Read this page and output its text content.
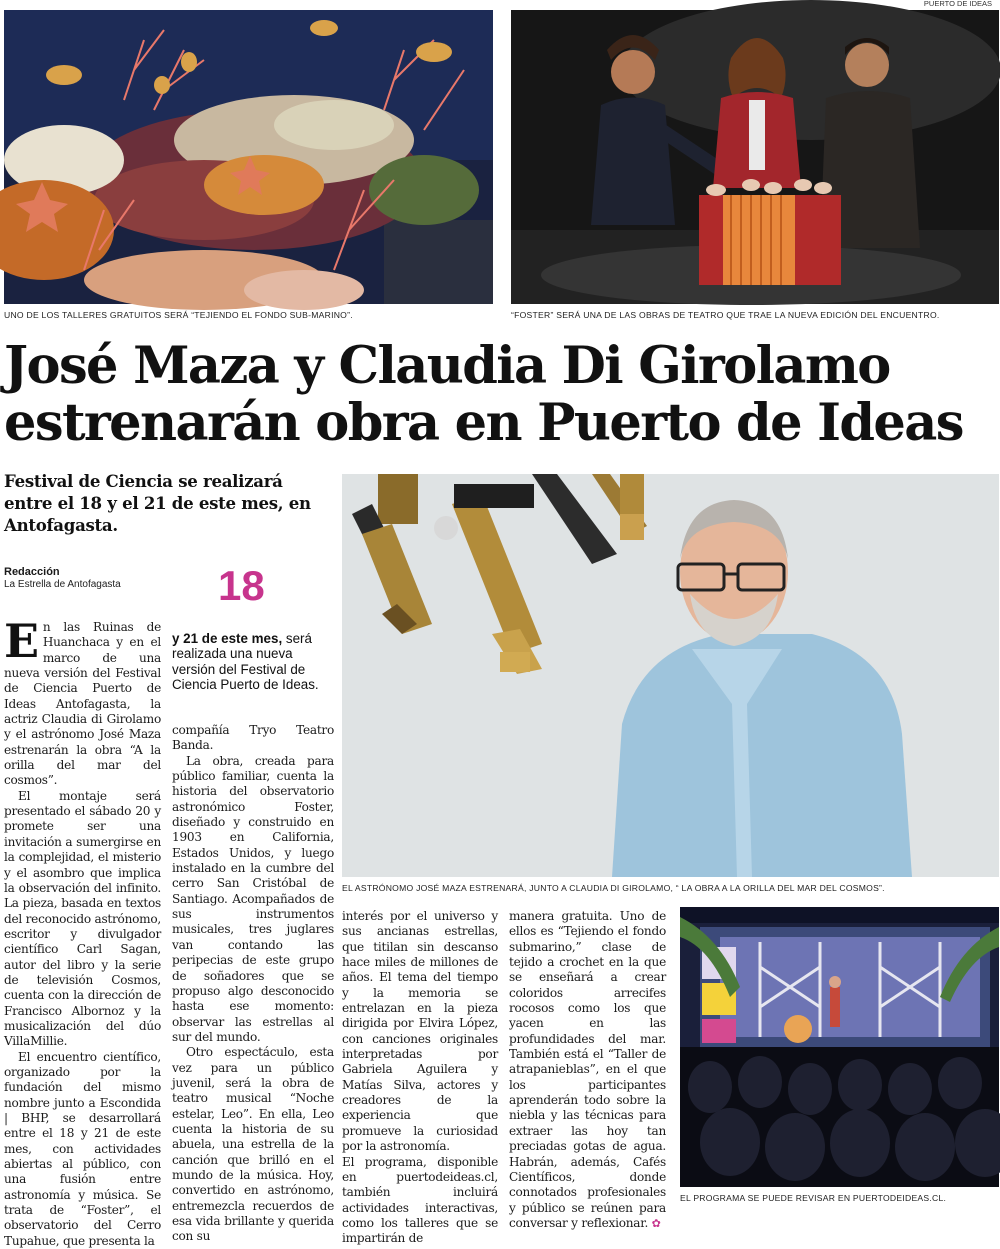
PUERTO DE IDEAS
UNO DE LOS TALLERES GRATUITOS SERÁ “TEJIENDO EL FONDO SUB-MARINO”.	“FOSTER” SERÁ UNA DE LAS OBRAS DE TEATRO QUE TRAE LA NUEVA EDICIÓN DEL ENCUENTRO.
José Maza y Claudia Di Girolamo
estrenarán obra en Puerto de Ideas
Festival de Ciencia se realizará entre el 18 y el 21 de este mes, en Antofagasta.
Redacción
La Estrella de Antofagasta 18
y 21 de este mes, será realizada una nueva versión del Festival de Ciencia Puerto de Ideas.
EL ASTRÓNOMO JOSÉ MAZA ESTRENARÁ, JUNTO A CLAUDIA DI GIROLAMO, “ LA OBRA A LA ORILLA DEL MAR DEL COSMOS”.
EL PROGRAMA SE PUEDE REVISAR EN PUERTODEIDEAS.CL.

En las Ruinas de Huanchaca y en el marco de una nueva versión del Festival de Ciencia Puerto de Ideas Antofagasta, la actriz Claudia di Girolamo y el astrónomo José Maza estrenarán la obra “A la orilla del mar del cosmos”.

El montaje será presentado el sábado 20 y promete ser una invitación a sumergirse en la complejidad, el misterio y el asombro que implica la observación del infinito. La pieza, basada en textos del reconocido astrónomo, escritor y divulgador científico Carl Sagan, autor del libro y la serie de televisión Cosmos, cuenta con la dirección de Francisco Albornoz y la musicalización del dúo VillaMillie.

El encuentro científico, organizado por la fundación del mismo nombre junto a Escondida | BHP, se desarrollará entre el 18 y 21 de este mes, con actividades abiertas al público, con una fusión entre astronomía y música. Se trata de “Foster”, el observatorio del Cerro Tupahue, que presenta la

compañía Tryo Teatro Banda.

La obra, creada para público familiar, cuenta la historia del observatorio astronómico Foster, diseñado y construido en 1903 en California, Estados Unidos, y luego instalado en la cumbre del cerro San Cristóbal de Santiago. Acompañados de sus instrumentos musicales, tres juglares van contando las peripecias de este grupo de soñadores que se propuso algo desconocido hasta ese momento: observar las estrellas al sur del mundo.

Otro espectáculo, esta vez para un público juvenil, será la obra de teatro musical “Noche estelar, Leo”. En ella, Leo cuenta la historia de su abuela, una estrella de la canción que brilló en el mundo de la música. Hoy, convertido en astrónomo, entremezcla recuerdos de esa vida brillante y querida con su

interés por el universo y sus ancianas estrellas, que titilan sin descanso hace miles de millones de años. El tema del tiempo y la memoria se entrelazan en la pieza dirigida por Elvira López, con canciones originales interpretadas por Gabriela Aguilera y Matías Silva, actores y creadores de la experiencia que promueve la curiosidad por la astronomía.

El programa, disponible en puertodeideas.cl, también incluirá actividades interactivas, como los talleres que se impartirán de

manera gratuita. Uno de ellos es “Tejiendo el fondo submarino,” clase de tejido a crochet en la que se enseñará a crear coloridos arrecifes rocosos como los que yacen en las profundidades del mar. También está el “Taller de atrapanieblas”, en el que los participantes aprenderán todo sobre la niebla y las técnicas para extraer las hoy tan preciadas gotas de agua. Habrán, además, Cafés Científicos, donde connotados profesionales y público se reúnen para conversar y reflexionar. ✿
